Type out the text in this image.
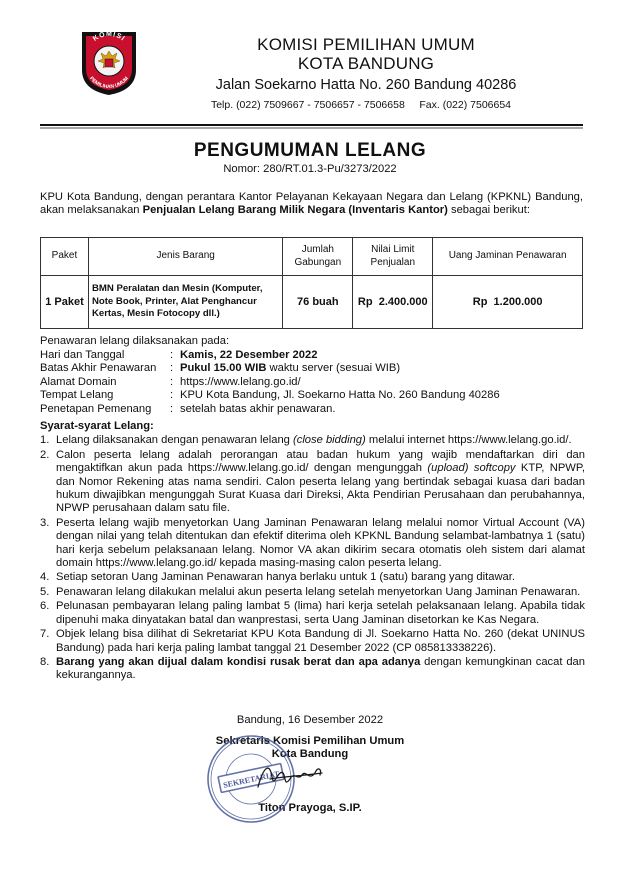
KOMISI
PEMILIHAN UMUM
KOMISI PEMILIHAN UMUM
KOTA BANDUNG
Jalan Soekarno Hatta No. 260 Bandung 40286
Telp. (022) 7509667 - 7506657 - 7506658     Fax. (022) 7506654
PENGUMUMAN LELANG
Nomor: 280/RT.01.3-Pu/3273/2022
KPU Kota Bandung, dengan perantara Kantor Pelayanan Kekayaan Negara dan Lelang (KPKNL) Bandung, akan melaksanakan Penjualan Lelang Barang Milik Negara (Inventaris Kantor) sebagai berikut:
Paket	Jenis Barang	Jumlah Gabungan	Nilai Limit Penjualan	Uang Jaminan Penawaran
1 Paket	BMN Peralatan dan Mesin (Komputer, Note Book, Printer, Alat Penghancur Kertas, Mesin Fotocopy dll.)	76 buah	Rp  2.400.000	Rp  1.200.000
Penawaran lelang dilaksanakan pada:
Hari dan Tanggal	: Kamis, 22 Desember 2022
Batas Akhir Penawaran	: Pukul 15.00 WIB waktu server (sesuai WIB)
Alamat Domain	: https://www.lelang.go.id/
Tempat Lelang	: KPU Kota Bandung, Jl. Soekarno Hatta No. 260 Bandung 40286
Penetapan Pemenang	: setelah batas akhir penawaran.
Syarat-syarat Lelang:
1. Lelang dilaksanakan dengan penawaran lelang (close bidding) melalui internet https://www.lelang.go.id/.
2. Calon peserta lelang adalah perorangan atau badan hukum yang wajib mendaftarkan diri dan mengaktifkan akun pada https://www.lelang.go.id/ dengan mengunggah (upload) softcopy KTP, NPWP, dan Nomor Rekening atas nama sendiri. Calon peserta lelang yang bertindak sebagai kuasa dari badan hukum diwajibkan mengunggah Surat Kuasa dari Direksi, Akta Pendirian Perusahaan dan perubahannya, NPWP perusahaan dalam satu file.
3. Peserta lelang wajib menyetorkan Uang Jaminan Penawaran lelang melalui nomor Virtual Account (VA) dengan nilai yang telah ditentukan dan efektif diterima oleh KPKNL Bandung selambat-lambatnya 1 (satu) hari kerja sebelum pelaksanaan lelang. Nomor VA akan dikirim secara otomatis oleh sistem dari alamat domain https://www.lelang.go.id/ kepada masing-masing calon peserta lelang.
4. Setiap setoran Uang Jaminan Penawaran hanya berlaku untuk 1 (satu) barang yang ditawar.
5. Penawaran lelang dilakukan melalui akun peserta lelang setelah menyetorkan Uang Jaminan Penawaran.
6. Pelunasan pembayaran lelang paling lambat 5 (lima) hari kerja setelah pelaksanaan lelang. Apabila tidak dipenuhi maka dinyatakan batal dan wanprestasi, serta Uang Jaminan disetorkan ke Kas Negara.
7. Objek lelang bisa dilihat di Sekretariat KPU Kota Bandung di Jl. Soekarno Hatta No. 260 (dekat UNINUS Bandung) pada hari kerja paling lambat tanggal 21 Desember 2022 (CP 085813338226).
8. Barang yang akan dijual dalam kondisi rusak berat dan apa adanya dengan kemungkinan cacat dan kekurangannya.
Bandung, 16 Desember 2022
Sekretaris Komisi Pemilihan Umum
Kota Bandung
Titon Prayoga, S.IP.
SEKRETARIAT
